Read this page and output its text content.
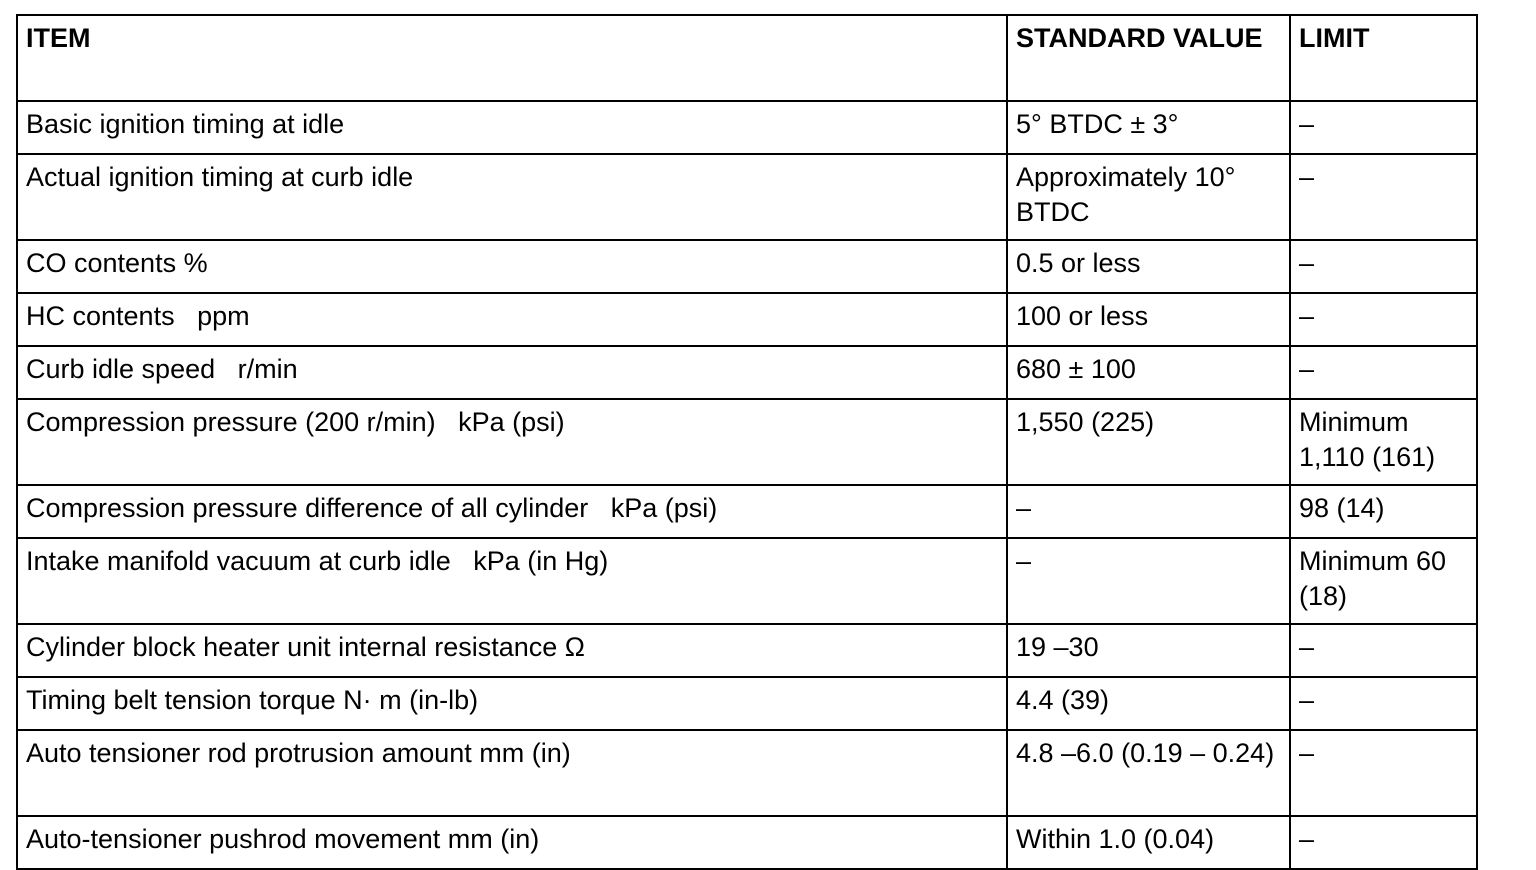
ITEM	STANDARD VALUE	LIMIT
Basic ignition timing at idle	5° BTDC ± 3°	–
Actual ignition timing at curb idle	Approximately 10° BTDC	–
CO contents %	0.5 or less	–
HC contents   ppm	100 or less	–
Curb idle speed   r/min	680 ± 100	–
Compression pressure (200 r/min)   kPa (psi)	1,550 (225)	Minimum 1,110 (161)
Compression pressure difference of all cylinder   kPa (psi)	–	98 (14)
Intake manifold vacuum at curb idle   kPa (in Hg)	–	Minimum 60 (18)
Cylinder block heater unit internal resistance Ω	19 –30	–
Timing belt tension torque N· m (in-lb)	4.4 (39)	–
Auto tensioner rod protrusion amount mm (in)	4.8 –6.0 (0.19 – 0.24)	–
Auto-tensioner pushrod movement mm (in)	Within 1.0 (0.04)	–
